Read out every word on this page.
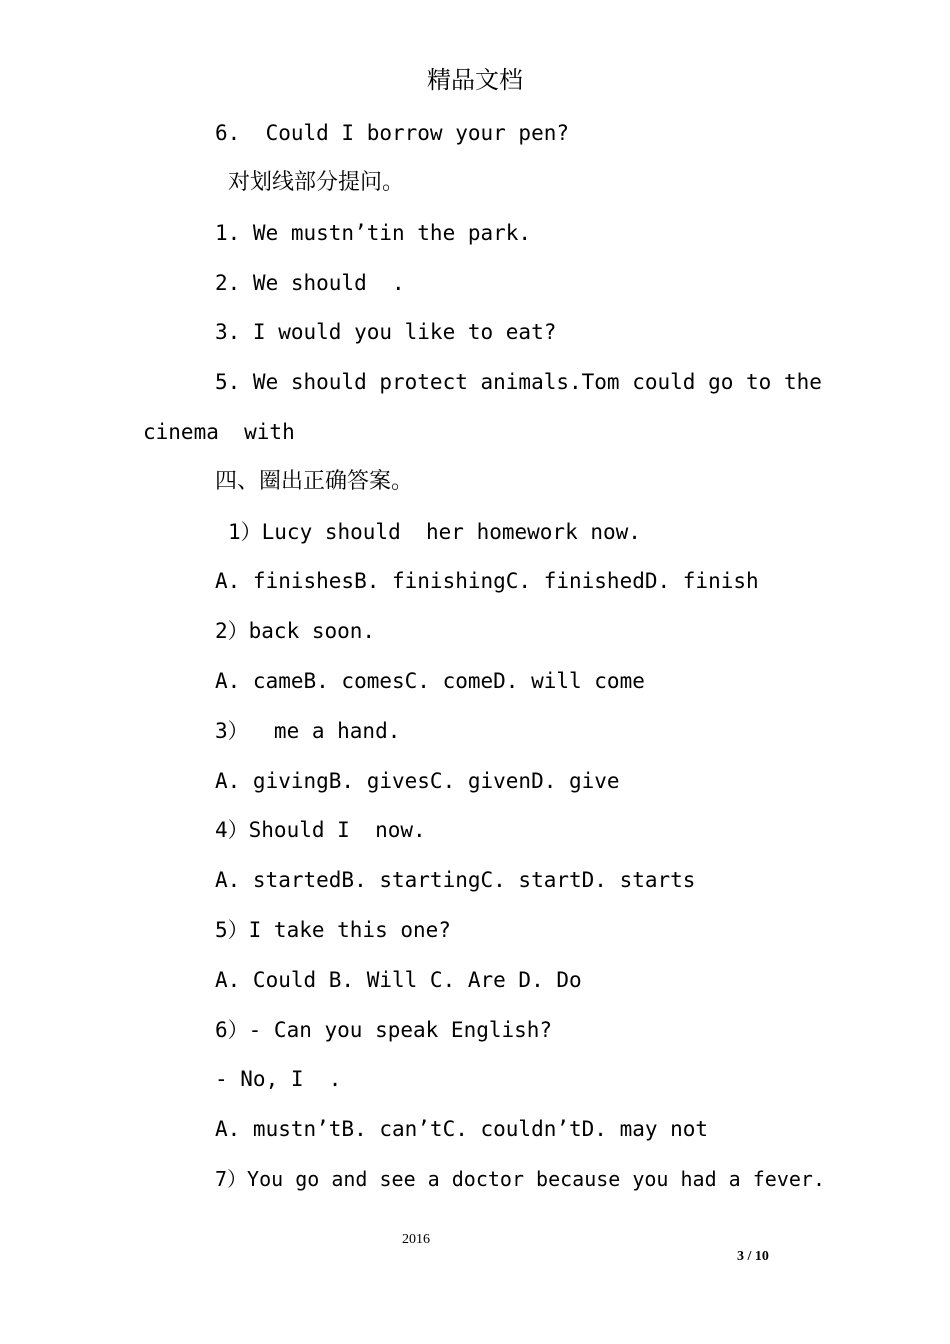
精品文档
6.  Could I borrow your pen?
对划线部分提问。
1. We mustn’tin the park.
2. We should  .
3. I would you like to eat?
5. We should protect animals.Tom could go to the
cinema  with
四、圈出正确答案。
1）Lucy should  her homework now.
A. finishesB. finishingC. finishedD. finish
2）back soon.
A. cameB. comesC. comeD. will come
3）  me a hand.
A. givingB. givesC. givenD. give
4）Should I  now.
A. startedB. startingC. startD. starts
5）I take this one?
A. Could B. Will C. Are D. Do
6）- Can you speak English?
- No, I  .
A. mustn’tB. can’tC. couldn’tD. may not
7）You go and see a doctor because you had a fever.
2016
3 / 10
